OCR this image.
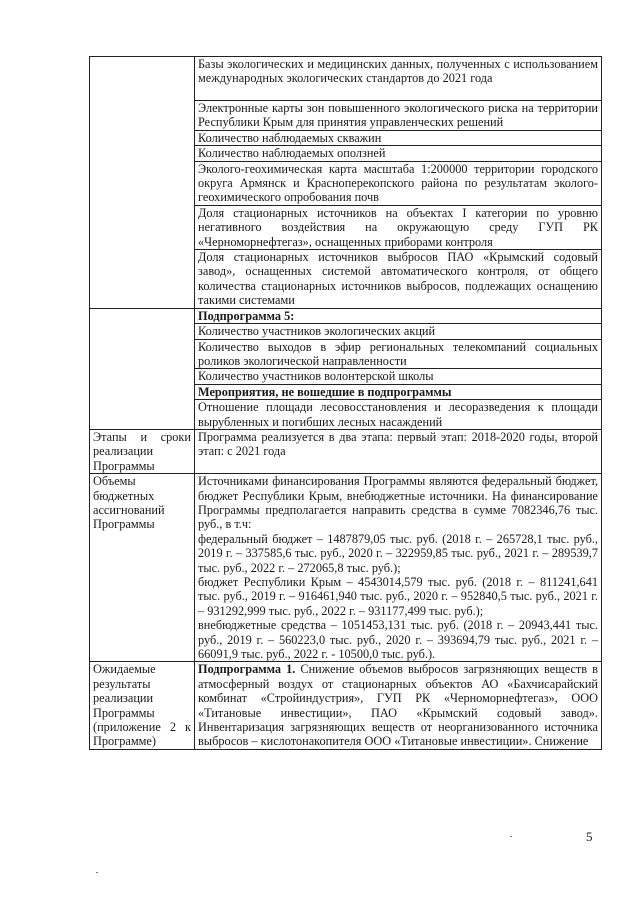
	Базы экологических и медицинских данных, полученных с использованием международных экологических стандартов до 2021 года
	Электронные карты зон повышенного экологического риска на территории Республики Крым для принятия управленческих решений
	Количество наблюдаемых скважин
	Количество наблюдаемых оползней
	Эколого-геохимическая карта масштаба 1:200000 территории городского округа Армянск и Красноперекопского района по результатам эколого-геохимического опробования почв
	Доля стационарных источников на объектах I категории по уровню негативного воздействия на окружающую среду ГУП РК «Черноморнефтегаз», оснащенных приборами контроля
	Доля стационарных источников выбросов ПАО «Крымский содовый завод», оснащенных системой автоматического контроля, от общего количества стационарных источников выбросов, подлежащих оснащению такими системами
	Подпрограмма 5:
	Количество участников экологических акций
	Количество выходов в эфир региональных телекомпаний социальных роликов экологической направленности
	Количество участников волонтерской школы
	Мероприятия, не вошедшие в подпрограммы
	Отношение площади лесовосстановления и лесоразведения к площади вырубленных и погибших лесных насаждений
Этапы и сроки реализации Программы	Программа реализуется в два этапа: первый этап: 2018-2020 годы, второй этап: с 2021 года
Объемы бюджетных ассигнований Программы	Источниками финансирования Программы являются федеральный бюджет, бюджет Республики Крым, внебюджетные источники. На финансирование Программы предполагается направить средства в сумме 7082346,76 тыс. руб., в т.ч:
федеральный бюджет – 1487879,05 тыс. руб. (2018 г. – 265728,1 тыс. руб., 2019 г. – 337585,6 тыс. руб., 2020 г. – 322959,85 тыс. руб., 2021 г. – 289539,7 тыс. руб., 2022 г. – 272065,8 тыс. руб.);
бюджет Республики Крым – 4543014,579 тыс. руб. (2018 г. – 811241,641 тыс. руб., 2019 г. – 916461,940 тыс. руб., 2020 г. – 952840,5 тыс. руб., 2021 г. – 931292,999 тыс. руб., 2022 г. – 931177,499 тыс. руб.);
внебюджетные средства – 1051453,131 тыс. руб. (2018 г. – 20943,441 тыс. руб., 2019 г. – 560223,0 тыс. руб., 2020 г. – 393694,79 тыс. руб., 2021 г. – 66091,9 тыс. руб., 2022 г. - 10500,0 тыс. руб.).

Ожидаемые результаты реализации Программы (приложение 2 к Программе)	Подпрограмма 1. Снижение объемов выбросов загрязняющих веществ в атмосферный воздух от стационарных объектов АО «Бахчисарайский комбинат «Стройиндустрия», ГУП РК «Черноморнефтегаз», ООО «Титановые инвестиции», ПАО «Крымский содовый завод». Инвентаризация загрязняющих веществ от неорганизованного источника выбросов – кислотонакопителя ООО «Титановые инвестиции». Снижение
5
